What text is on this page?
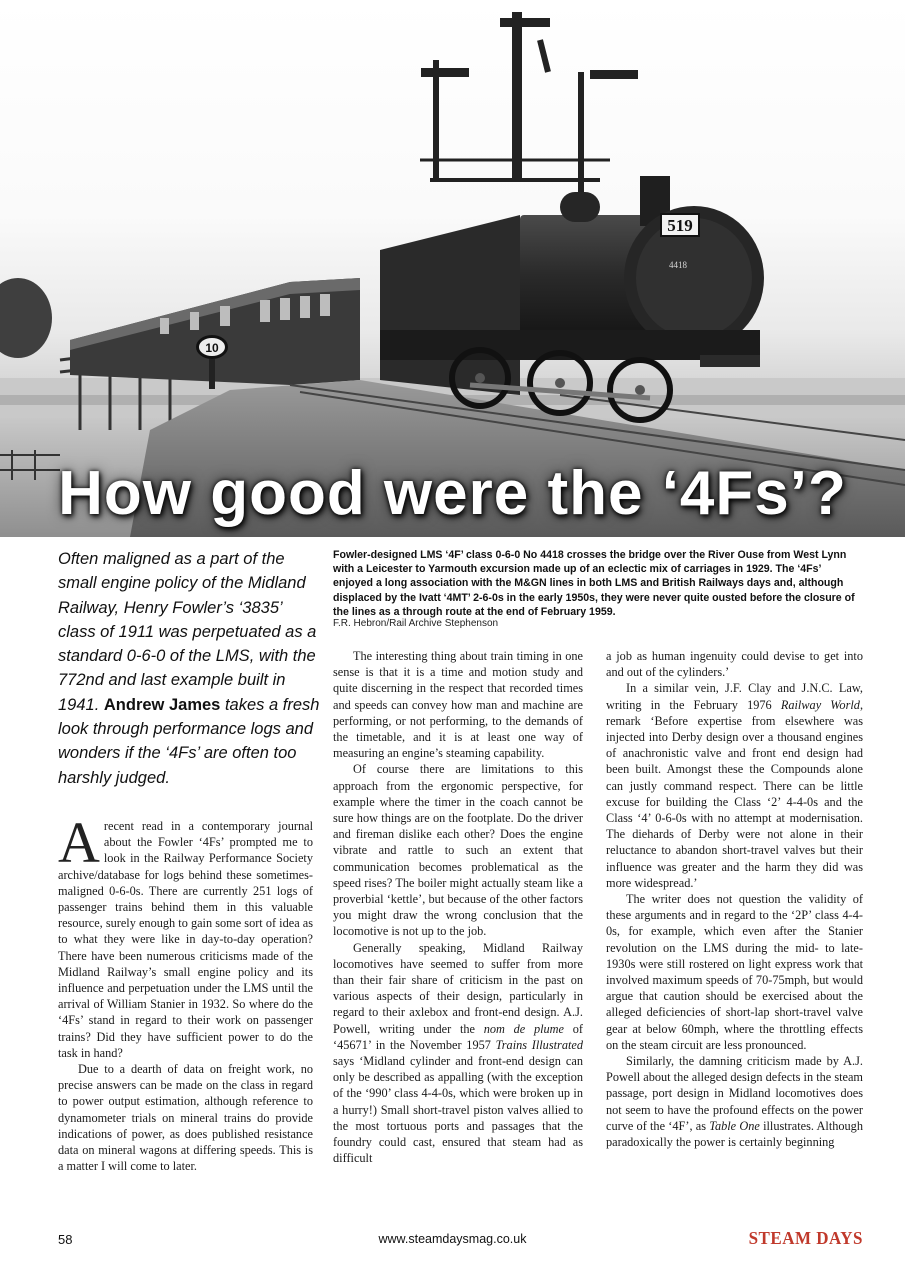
10
519
4418
How good were the ‘4Fs’?
Often maligned as a part of the small engine policy of the Midland Railway, Henry Fowler’s ‘3835’ class of 1911 was perpetuated as a standard 0-6-0 of the LMS, with the 772nd and last example built in 1941. Andrew James takes a fresh look through performance logs and wonders if the ‘4Fs’ are often too harshly judged.
Fowler-designed LMS ‘4F’ class 0-6-0 No 4418 crosses the bridge over the River Ouse from West Lynn with a Leicester to Yarmouth excursion made up of an eclectic mix of carriages in 1929. The ‘4Fs’ enjoyed a long association with the M&GN lines in both LMS and British Railways days and, although displaced by the Ivatt ‘4MT’ 2-6-0s in the early 1950s, they were never quite ousted before the closure of the lines as a through route at the end of February 1959.
F.R. Hebron/Rail Archive Stephenson

Arecent read in a contemporary journal about the Fowler ‘4Fs’ prompted me to look in the Railway Performance Society archive/database for logs behind these sometimes-maligned 0-6-0s. There are currently 251 logs of passenger trains behind them in this valuable resource, surely enough to gain some sort of idea as to what they were like in day-to-day operation? There have been numerous criticisms made of the Midland Railway’s small engine policy and its influence and perpetuation under the LMS until the arrival of William Stanier in 1932. So where do the ‘4Fs’ stand in regard to their work on passenger trains? Did they have sufficient power to do the task in hand?

Due to a dearth of data on freight work, no precise answers can be made on the class in regard to power output estimation, although reference to dynamometer trials on mineral trains do provide indications of power, as does published resistance data on mineral wagons at differing speeds. This is a matter I will come to later.

The interesting thing about train timing in one sense is that it is a time and motion study and quite discerning in the respect that recorded times and speeds can convey how man and machine are performing, or not performing, to the demands of the timetable, and it is at least one way of measuring an engine’s steaming capability.

Of course there are limitations to this approach from the ergonomic perspective, for example where the timer in the coach cannot be sure how things are on the footplate. Do the driver and fireman dislike each other? Does the engine vibrate and rattle to such an extent that communication becomes problematical as the speed rises? The boiler might actually steam like a proverbial ‘kettle’, but because of the other factors you might draw the wrong conclusion that the locomotive is not up to the job.

Generally speaking, Midland Railway locomotives have seemed to suffer from more than their fair share of criticism in the past on various aspects of their design, particularly in regard to their axlebox and front-end design. A.J. Powell, writing under the nom de plume of ‘45671’ in the November 1957 Trains Illustrated says ‘Midland cylinder and front-end design can only be described as appalling (with the exception of the ‘990’ class 4-4-0s, which were broken up in a hurry!) Small short-travel piston valves allied to the most tortuous ports and passages that the foundry could cast, ensured that steam had as difficult

a job as human ingenuity could devise to get into and out of the cylinders.’

In a similar vein, J.F. Clay and J.N.C. Law, writing in the February 1976 Railway World, remark ‘Before expertise from elsewhere was injected into Derby design over a thousand engines of anachronistic valve and front end design had been built. Amongst these the Compounds alone can justly command respect. There can be little excuse for building the Class ‘2’ 4-4-0s and the Class ‘4’ 0-6-0s with no attempt at modernisation. The diehards of Derby were not alone in their reluctance to abandon short-travel valves but their influence was greater and the harm they did was more widespread.’

The writer does not question the validity of these arguments and in regard to the ‘2P’ class 4-4-0s, for example, which even after the Stanier revolution on the LMS during the mid- to late-1930s were still rostered on light express work that involved maximum speeds of 70-75mph, but would argue that caution should be exercised about the alleged deficiencies of short-lap short-travel valve gear at below 60mph, where the throttling effects on the steam circuit are less pronounced.

Similarly, the damning criticism made by A.J. Powell about the alleged design defects in the steam passage, port design in Midland locomotives does not seem to have the profound effects on the power curve of the ‘4F’, as Table One illustrates. Although paradoxically the power is certainly beginning

58	www.steamdaysmag.co.uk	STEAM DAYS
